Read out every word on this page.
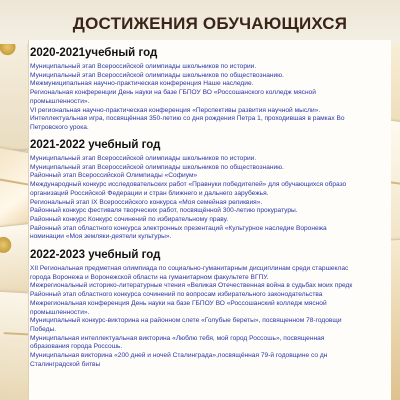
ДОСТИЖЕНИЯ ОБУЧАЮЩИХСЯ
2020-2021учебный год
Муниципальный этап Всероссийской олимпиады школьников по истории.
Муниципальный этап Всероссийской олимпиады школьников по обществознанию.
Межмуниципальная научно-практическая конференция Наше наследие.
Региональная конференции День науки на базе ГБПОУ ВО «Россошанского колледж мясной
промышленности».
VI региональная научно-практическая конференция «Перспективы развития научной мысли».
Интеллектуальная игра, посвящённая 350-летию со дня рождения Петра 1, проходившая в рамках Во
Петровского урока.
2021-2022 учебный год
Муниципальный этап Всероссийской олимпиады школьников по истории.
Муниципальный этап Всероссийской олимпиады школьников по обществознанию.
Районный этап Всероссийской Олимпиады «Софиум»
Международный конкурс исследовательских работ «Правнуки победителей» для обучающихся образо
организаций Российской Федерации и стран ближнего и дальнего зарубежья.
Региональный этап IX Всероссийского конкурса «Моя семейная реликвия».
Районный конкурс фестиваля творческих работ, посвящённой 300-летию прокуратуры.
Районный конкурс Конкурс сочинений по избирательному праву.
Районный этап областного конкурса электронных презентаций «Культурное наследие Воронежа
номинации «Моя земляки-деятели культуры».
2022-2023 учебный год
XII Региональная предметная олимпиада по социально-гуманитарным дисциплинам среди старшеклас
города Воронежа и Воронежской области на гуманитарном факультете ВГПУ.
Межрегиональный историко-литературные чтения «Великая Отечественная война в судьбах моих предк
Районный этап областного конкурса сочинений по вопросам избирательного законодательства
Межрегиональная конференция День науки на базе ГБПОУ ВО «Россошанский колледж мясной
промышленности».
Муниципальный конкурс-викторина на районном слете «Голубые береты», посвященном 78-годовщи
Победы.
Муниципальная интеллектуальная викторина «Люблю тебя, мой город Россошь», посвященная
образования города Россошь.
Муниципальная викторина «200 дней и ночей Сталинграда»,посвящённая 79-й годовщине со дн
Сталинградской битвы
